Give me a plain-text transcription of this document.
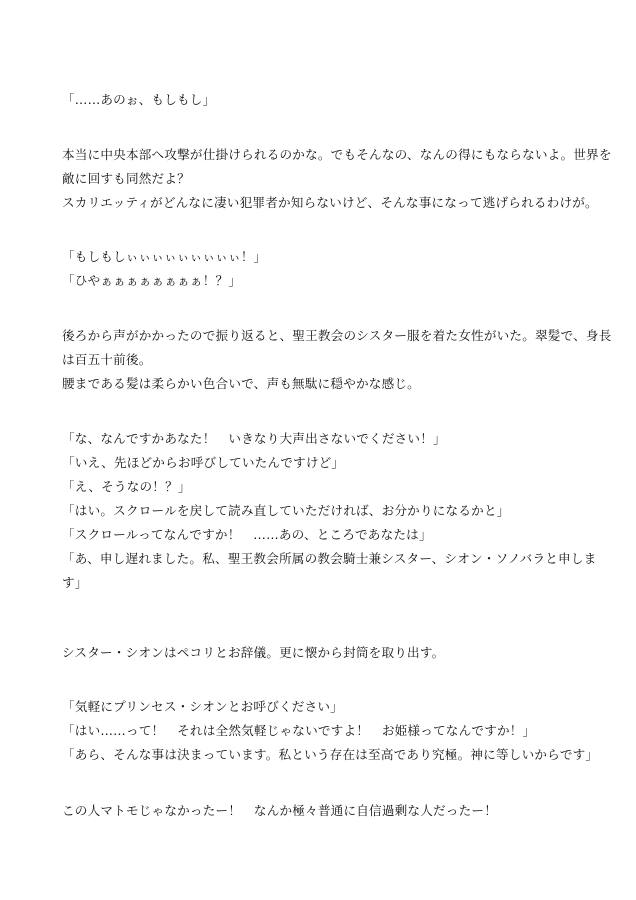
「……あのぉ、もしもし」

本当に中央本部へ攻撃が仕掛けられるのかな。でもそんなの、なんの得にもならないよ。世界を
敵に回すも同然だよ？
スカリエッティがどんなに凄い犯罪者か知らないけど、そんな事になって逃げられるわけが。

「もしもしぃぃぃぃぃぃぃぃぃ！」
「ひやぁぁぁぁぁぁぁぁ！？」

後ろから声がかかったので振り返ると、聖王教会のシスター服を着た女性がいた。翠髪で、身長
は百五十前後。
腰まである髪は柔らかい色合いで、声も無駄に穏やかな感じ。

「な、なんですかあなた！　いきなり大声出さないでください！」
「いえ、先ほどからお呼びしていたんですけど」
「え、そうなの！？」
「はい。スクロールを戻して読み直していただければ、お分かりになるかと」
「スクロールってなんですか！　……あの、ところであなたは」
「あ、申し遅れました。私、聖王教会所属の教会騎士兼シスター、シオン・ソノバラと申しま
す」

シスター・シオンはペコリとお辞儀。更に懐から封筒を取り出す。

「気軽にプリンセス・シオンとお呼びください」
「はい……って！　それは全然気軽じゃないですよ！　お姫様ってなんですか！」
「あら、そんな事は決まっています。私という存在は至高であり究極。神に等しいからです」

この人マトモじゃなかったー！　なんか極々普通に自信過剰な人だったー！
